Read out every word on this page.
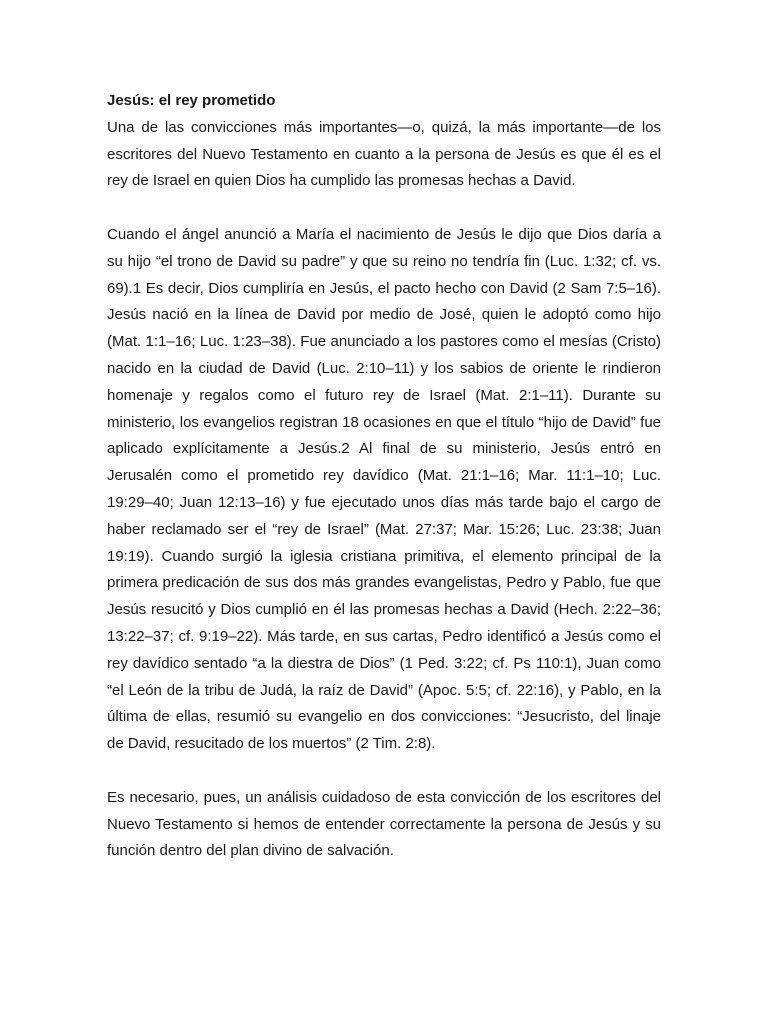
Jesús: el rey prometido

Una de las convicciones más importantes—o, quizá, la más importante—de los escritores del Nuevo Testamento en cuanto a la persona de Jesús es que él es el rey de Israel en quien Dios ha cumplido las promesas hechas a David.

Cuando el ángel anunció a María el nacimiento de Jesús le dijo que Dios daría a su hijo “el trono de David su padre” y que su reino no tendría fin (Luc. 1:32; cf. vs. 69).1 Es decir, Dios cumpliría en Jesús, el pacto hecho con David (2 Sam 7:5–16). Jesús nació en la línea de David por medio de José, quien le adoptó como hijo (Mat. 1:1–16; Luc. 1:23–38). Fue anunciado a los pastores como el mesías (Cristo) nacido en la ciudad de David (Luc. 2:10–11) y los sabios de oriente le rindieron homenaje y regalos como el futuro rey de Israel (Mat. 2:1–11). Durante su ministerio, los evangelios registran 18 ocasiones en que el título “hijo de David” fue aplicado explícitamente a Jesús.2 Al final de su ministerio, Jesús entró en Jerusalén como el prometido rey davídico (Mat. 21:1–16; Mar. 11:1–10; Luc. 19:29–40; Juan 12:13–16) y fue ejecutado unos días más tarde bajo el cargo de haber reclamado ser el “rey de Israel” (Mat. 27:37; Mar. 15:26; Luc. 23:38; Juan 19:19). Cuando surgió la iglesia cristiana primitiva, el elemento principal de la primera predicación de sus dos más grandes evangelistas, Pedro y Pablo, fue que Jesús resucitó y Dios cumplió en él las promesas hechas a David (Hech. 2:22–36; 13:22–37; cf. 9:19–22). Más tarde, en sus cartas, Pedro identificó a Jesús como el rey davídico sentado “a la diestra de Dios” (1 Ped. 3:22; cf. Ps 110:1), Juan como “el León de la tribu de Judá, la raíz de David” (Apoc. 5:5; cf. 22:16), y Pablo, en la última de ellas, resumió su evangelio en dos convicciones: “Jesucristo, del linaje de David, resucitado de los muertos” (2 Tim. 2:8).

Es necesario, pues, un análisis cuidadoso de esta convicción de los escritores del Nuevo Testamento si hemos de entender correctamente la persona de Jesús y su función dentro del plan divino de salvación.
